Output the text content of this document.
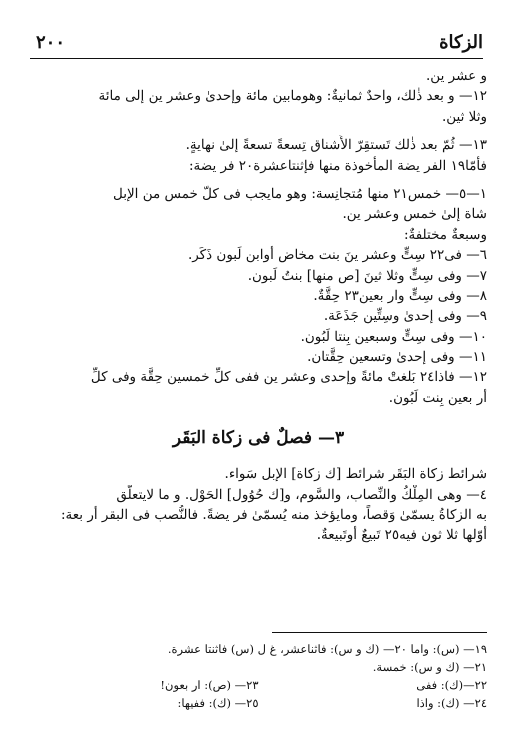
الزكاة
٢٠٠
و عشر ين.
١٢— و بعد ذٰلك، واحدٌ ثمانيةٌ: وهومابين مائة وإحدىٰ وعشر ين إلى مائة
وثلا ثين.
١٣— ثُمّ بعد ذٰلك تَستقِرّ الأَشناق تِسعةً تسعةً إلىٰ نهايةٍ.
فأمّا١٩ الفر يضة المأخوذة منها فإثنتاعشرة٢٠ فر يضة:
١—٥— خمس٢١ منها مُتجانِسة: وهو مايجب فى كلّ خمس من الإبل
شاة إلىٰ خمس وعشر ين.
وسبعةٌ مختلفةٌ:
٦— فى٢٢ سِتٍّ وعشر ينَ بنت مخاض أوابن لَبون ذَكَر.
٧— وفى سِتٍّ وثلا ثينَ [ص منها] بنتُ لَبون.
٨— وفى سِتٍّ وار بعين٢٣ حِقَّةٌ.
٩— وفى إحدىٰ وسِتِّين جَذَعَة.
١٠— وفى سِتٍّ وسبعين بِنتا لَبُون.
١١— وفى إحدىٰ وتسعين حِقَّتان.
١٢— فاذا٢٤ بَلغتْ مائةً وإحدى وعشر ين ففى كلِّ خمسين حِقَّة وفى كلِّ
أر بعين بِنت لَبُون.
٣— فصلٌ فى زكاة البَقَر
شرائط زكاة البَقَر شرائط [ك زكاة] الإبل سَواء.
٤— وهى المِلْكُ والنِّصاب، والسَّوم، و[ك حُوُول] الحَوْل. و ما لايتعلّق
به الزكاةُ يسمّىٰ وَقصاً، ومايؤخذ منه يُسمّىٰ فر يضةً. فالنُّصب فى البقر أر بعة:
أوّلها ثلا ثون فيه٢٥ تَبيعٌ أوتَبيعةٌ.
١٩— (س): واما ٢٠— (ك و س): فاثناعشر، غ ل (س) فاثنتا عشرة.
٢١— (ك و س): خمسة.
٢٢—(ك): ففى
٢٣— (ص): ار بعون!
٢٤— (ك): واذا
٢٥— (ك): ففيها:
